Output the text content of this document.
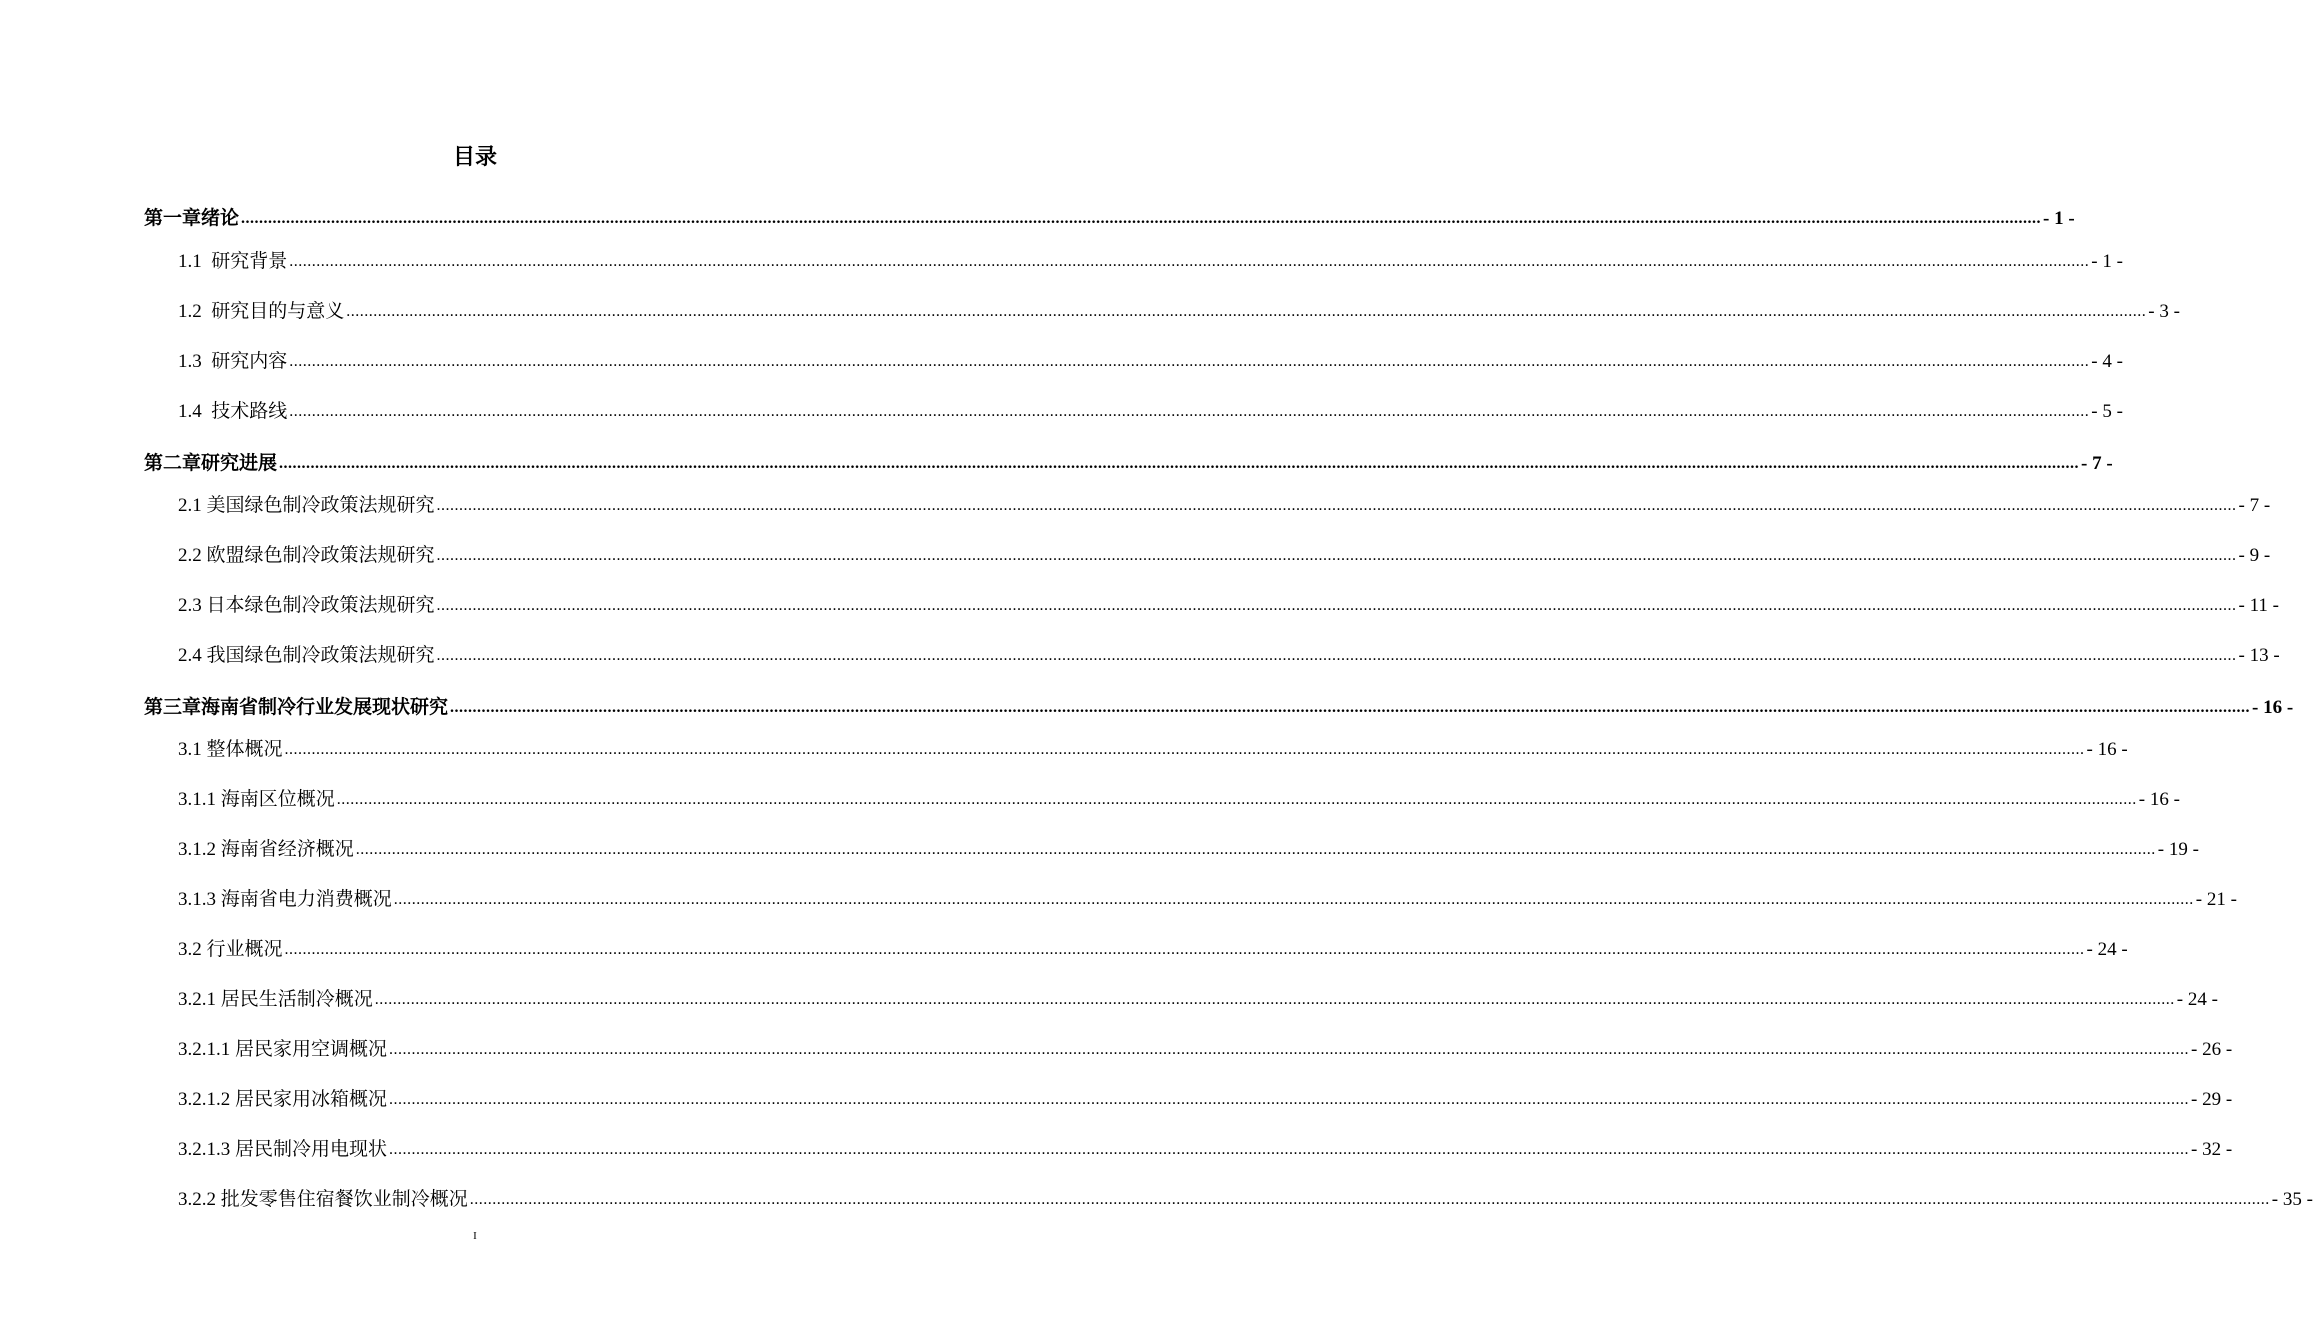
目录
第一章绪论 ................................................................................................................................................................................................................................................................................................................................................................................................................ - 1 -
1.1  研究背景 ................................................................................................................................................................................................................................................................................................................................................................................................................ - 1 -
1.2  研究目的与意义 ................................................................................................................................................................................................................................................................................................................................................................................................................ - 3 -
1.3  研究内容 ................................................................................................................................................................................................................................................................................................................................................................................................................ - 4 -
1.4  技术路线 ................................................................................................................................................................................................................................................................................................................................................................................................................ - 5 -
第二章研究进展 ................................................................................................................................................................................................................................................................................................................................................................................................................ - 7 -
2.1 美国绿色制冷政策法规研究 ................................................................................................................................................................................................................................................................................................................................................................................................................ - 7 -
2.2 欧盟绿色制冷政策法规研究 ................................................................................................................................................................................................................................................................................................................................................................................................................ - 9 -
2.3 日本绿色制冷政策法规研究 ................................................................................................................................................................................................................................................................................................................................................................................................................ - 11 -
2.4 我国绿色制冷政策法规研究 ................................................................................................................................................................................................................................................................................................................................................................................................................ - 13 -
第三章海南省制冷行业发展现状研究 ................................................................................................................................................................................................................................................................................................................................................................................................................ - 16 -
3.1 整体概况 ................................................................................................................................................................................................................................................................................................................................................................................................................ - 16 -
3.1.1 海南区位概况 ................................................................................................................................................................................................................................................................................................................................................................................................................ - 16 -
3.1.2 海南省经济概况 ................................................................................................................................................................................................................................................................................................................................................................................................................ - 19 -
3.1.3 海南省电力消费概况 ................................................................................................................................................................................................................................................................................................................................................................................................................ - 21 -
3.2 行业概况 ................................................................................................................................................................................................................................................................................................................................................................................................................ - 24 -
3.2.1 居民生活制冷概况 ................................................................................................................................................................................................................................................................................................................................................................................................................ - 24 -
3.2.1.1 居民家用空调概况 ................................................................................................................................................................................................................................................................................................................................................................................................................ - 26 -
3.2.1.2 居民家用冰箱概况 ................................................................................................................................................................................................................................................................................................................................................................................................................ - 29 -
3.2.1.3 居民制冷用电现状 ................................................................................................................................................................................................................................................................................................................................................................................................................ - 32 -
3.2.2 批发零售住宿餐饮业制冷概况 ................................................................................................................................................................................................................................................................................................................................................................................................................ - 35 -
I
